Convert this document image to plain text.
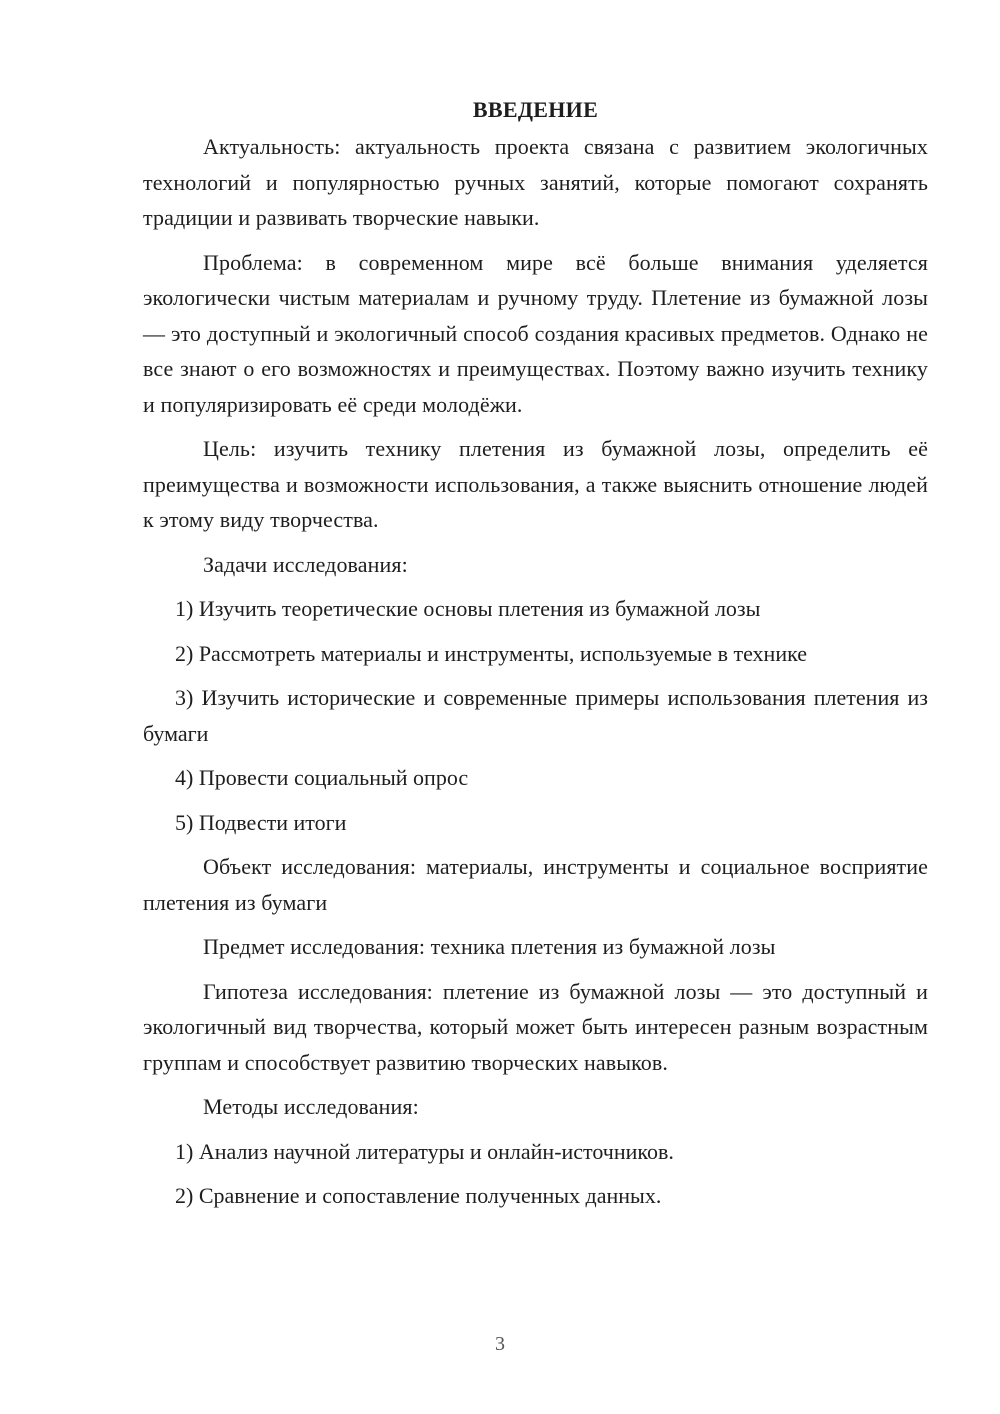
ВВЕДЕНИЕ

Актуальность: актуальность проекта связана с развитием экологичных технологий и популярностью ручных занятий, которые помогают сохранять традиции и развивать творческие навыки.

Проблема: в современном мире всё больше внимания уделяется экологически чистым материалам и ручному труду. Плетение из бумажной лозы — это доступный и экологичный способ создания красивых предметов. Однако не все знают о его возможностях и преимуществах. Поэтому важно изучить технику и популяризировать её среди молодёжи.

Цель: изучить технику плетения из бумажной лозы, определить её преимущества и возможности использования, а также выяснить отношение людей к этому виду творчества.

Задачи исследования:

1) Изучить теоретические основы плетения из бумажной лозы

2) Рассмотреть материалы и инструменты, используемые в технике

3) Изучить исторические и современные примеры использования плетения из бумаги

4) Провести социальный опрос

5) Подвести итоги

Объект исследования: материалы, инструменты и социальное восприятие плетения из бумаги

Предмет исследования: техника плетения из бумажной лозы

Гипотеза исследования: плетение из бумажной лозы — это доступный и экологичный вид творчества, который может быть интересен разным возрастным группам и способствует развитию творческих навыков.

Методы исследования:

1) Анализ научной литературы и онлайн-источников.

2) Сравнение и сопоставление полученных данных.

3
